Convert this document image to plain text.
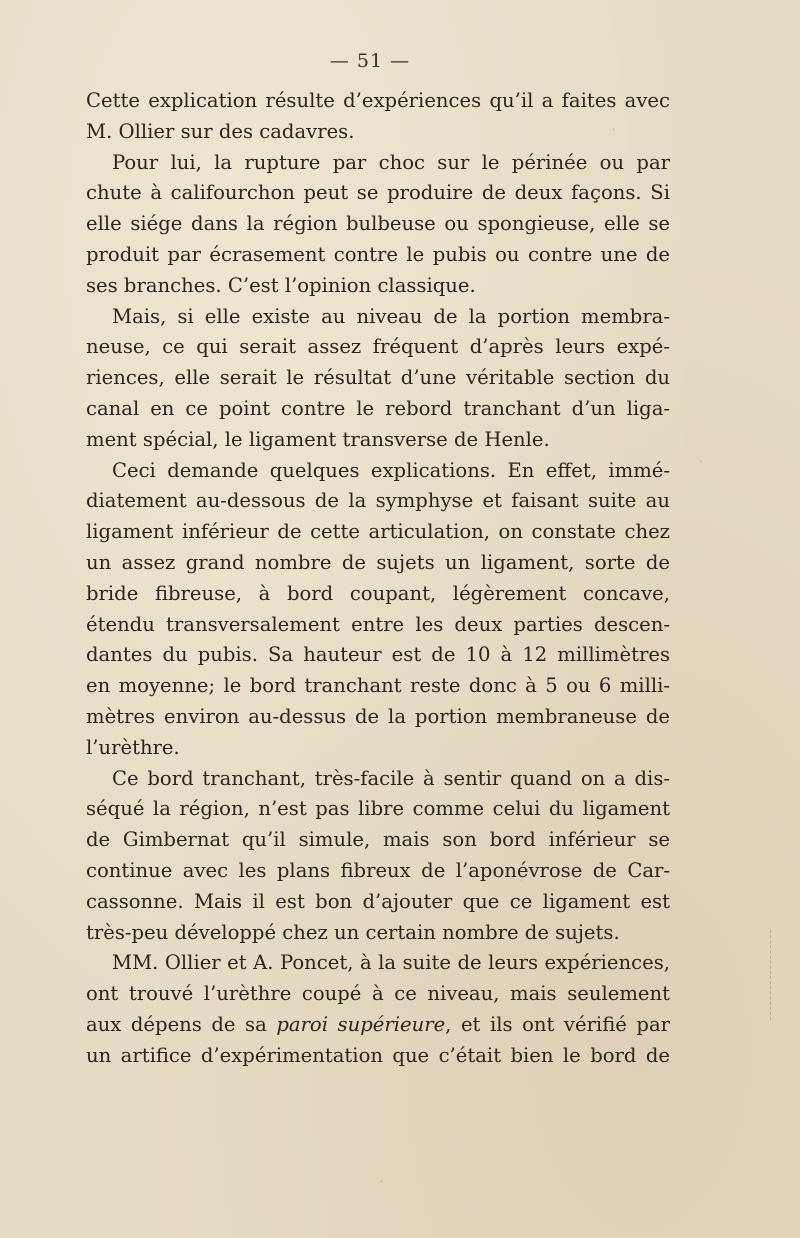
— 51 —
Cette explication résulte d’expériences qu’il a faites avec
M. Ollier sur des cadavres.
Pour lui, la rupture par choc sur le périnée ou par
chute à califourchon peut se produire de deux façons. Si
elle siége dans la région bulbeuse ou spongieuse, elle se
produit par écrasement contre le pubis ou contre une de
ses branches. C’est l’opinion classique.
Mais, si elle existe au niveau de la portion membra-
neuse, ce qui serait assez fréquent d’après leurs expé-
riences, elle serait le résultat d’une véritable section du
canal en ce point contre le rebord tranchant d’un liga-
ment spécial, le ligament transverse de Henle.
Ceci demande quelques explications. En effet, immé-
diatement au-dessous de la symphyse et faisant suite au
ligament inférieur de cette articulation, on constate chez
un assez grand nombre de sujets un ligament, sorte de
bride fibreuse, à bord coupant, légèrement concave,
étendu transversalement entre les deux parties descen-
dantes du pubis. Sa hauteur est de 10 à 12 millimètres
en moyenne; le bord tranchant reste donc à 5 ou 6 milli-
mètres environ au-dessus de la portion membraneuse de
l’urèthre.
Ce bord tranchant, très-facile à sentir quand on a dis-
séqué la région, n’est pas libre comme celui du ligament
de Gimbernat qu’il simule, mais son bord inférieur se
continue avec les plans fibreux de l’aponévrose de Car-
cassonne. Mais il est bon d’ajouter que ce ligament est
très-peu développé chez un certain nombre de sujets.
MM. Ollier et A. Poncet, à la suite de leurs expériences,
ont trouvé l’urèthre coupé à ce niveau, mais seulement
aux dépens de sa paroi supérieure, et ils ont vérifié par
un artifice d’expérimentation que c’était bien le bord de
